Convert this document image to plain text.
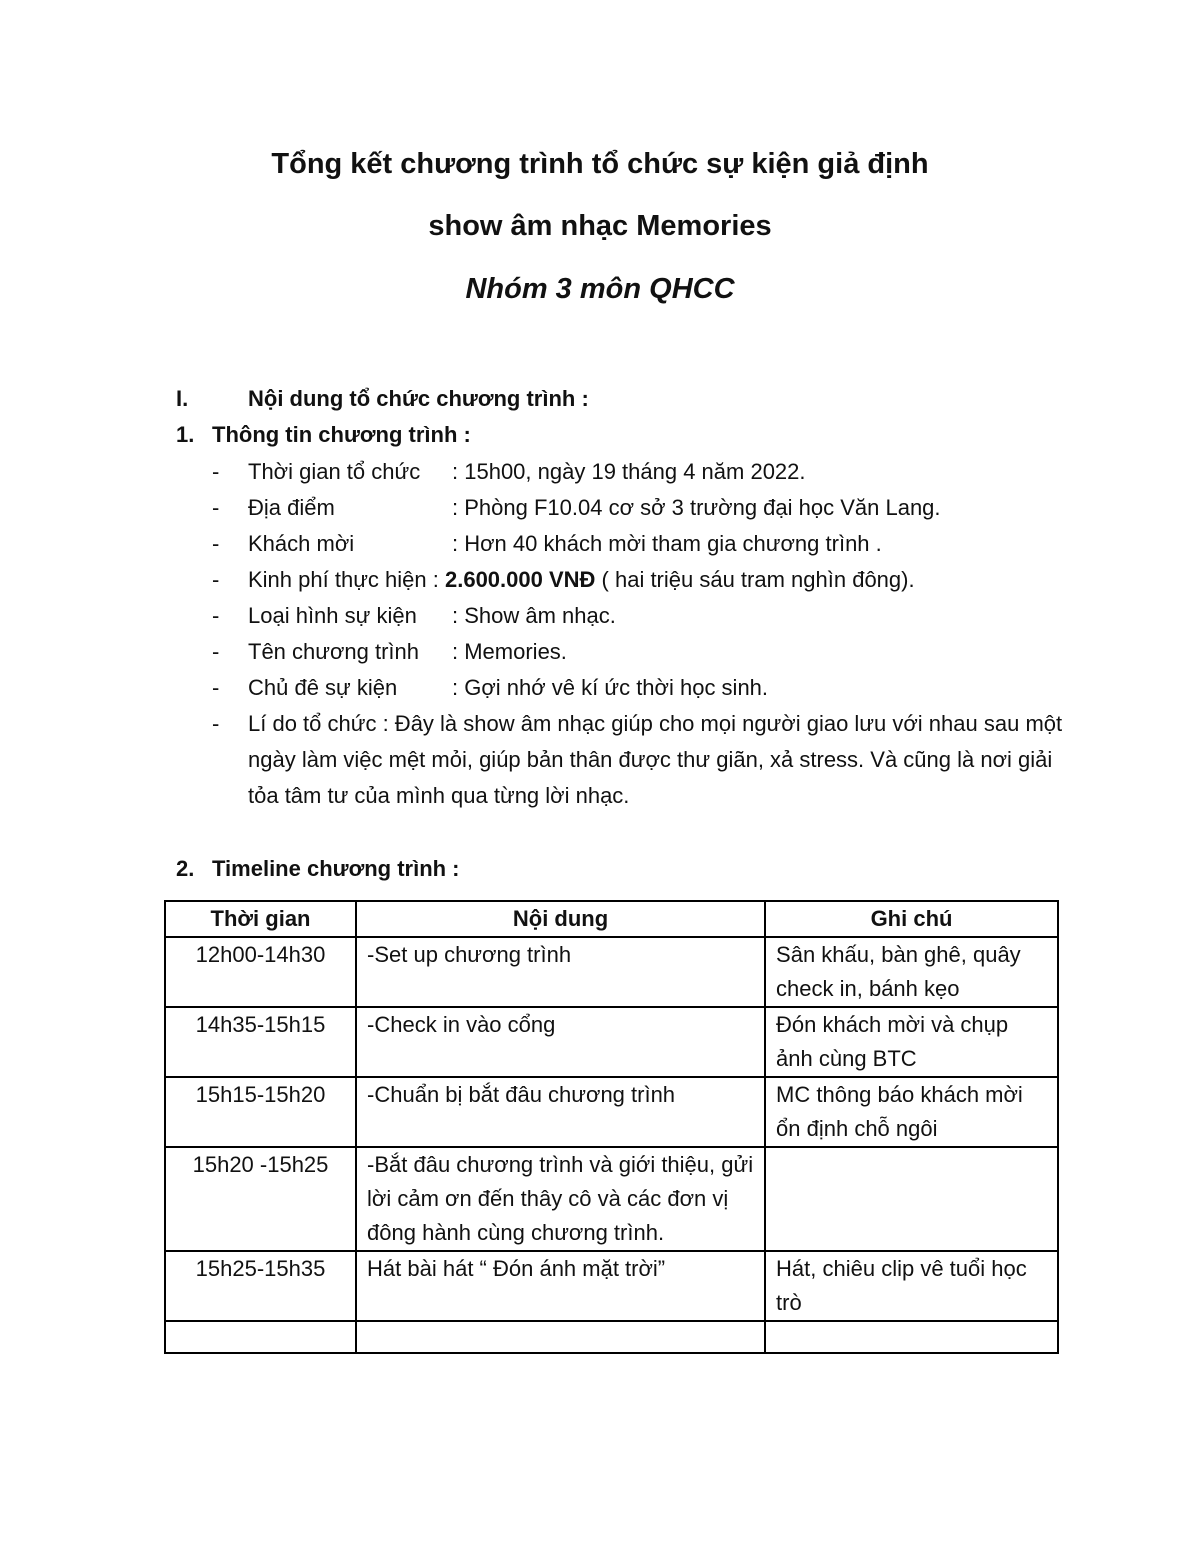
Tổng kết chương trình tổ chức sự kiện giả định
show âm nhạc Memories
Nhóm 3 môn QHCC
I.	Nội dung tổ chức chương trình :
1. Thông tin chương trình :
-	Thời gian tổ chức	: 15h00, ngày 19 tháng 4 năm 2022.
-	Địa điểm	: Phòng F10.04 cơ sở 3 trường đại học Văn Lang.
-	Khách mời	: Hơn 40 khách mời tham gia chương trình .
-	Kinh phí thực hiện : 2.600.000 VNĐ ( hai triệu sáu tram nghìn đông).
-	Loại hình sự kiện	: Show âm nhạc.
-	Tên chương trình	: Memories.
-	Chủ đê sự kiện	: Gợi nhớ vê kí ức thời học sinh.
-	Lí do tổ chức : Đây là show âm nhạc giúp cho mọi người giao lưu với nhau sau một ngày làm việc mệt mỏi, giúp bản thân được thư giãn, xả stress. Và cũng là nơi giải tỏa tâm tư của mình qua từng lời nhạc.
2. Timeline chương trình :
Thời gian	Nội dung	Ghi chú
12h00-14h30	-Set up chương trình	Sân khấu, bàn ghê, quây check in, bánh kẹo
14h35-15h15	-Check in vào cổng	Đón khách mời và chụp ảnh cùng BTC
15h15-15h20	-Chuẩn bị bắt đâu chương trình	MC thông báo khách mời ổn định chỗ ngôi
15h20 -15h25	-Bắt đâu chương trình và giới thiệu, gửi lời cảm ơn đến thây cô và các đơn vị đông hành cùng chương trình.	
15h25-15h35	Hát bài hát “ Đón ánh mặt trời”	Hát, chiêu clip vê tuổi học trò
